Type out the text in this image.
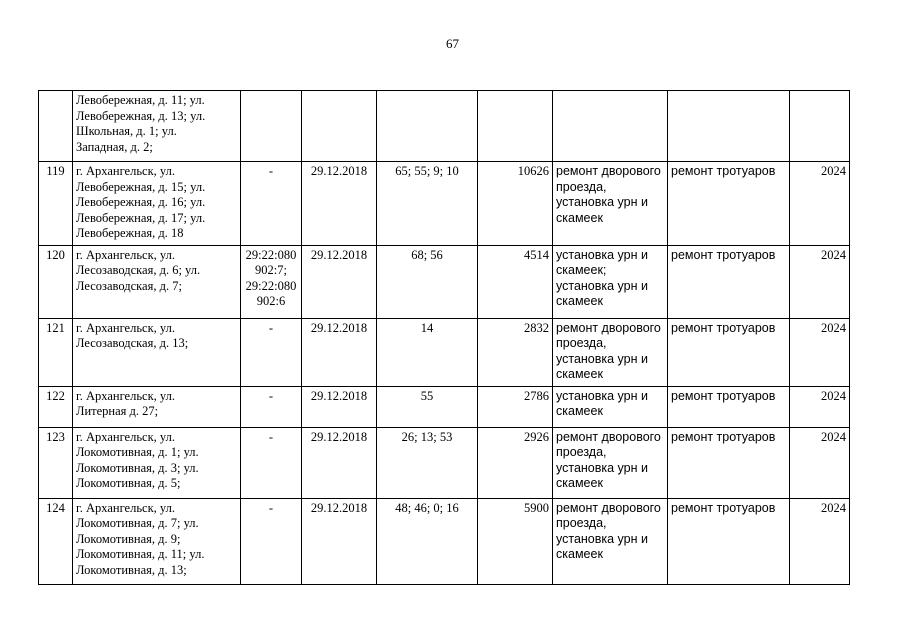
67

	Левобережная, д. 11; ул.
Левобережная, д. 13; ул.
Школьная, д. 1; ул.
Западная, д. 2;							

119	г. Архангельск, ул.
Левобережная, д. 15; ул.
Левобережная, д. 16; ул.
Левобережная, д. 17; ул.
Левобережная, д. 18	-	29.12.2018	65; 55; 9; 10	10626	ремонт дворового проезда, установка урн и скамеек	ремонт тротуаров	2024
120	г. Архангельск, ул.
Лесозаводская, д. 6; ул.
Лесозаводская, д. 7;	29:22:080 902:7; 29:22:080 902:6	29.12.2018	68; 56	4514	установка урн и скамеек; установка урн и скамеек	ремонт тротуаров	2024
121	г. Архангельск, ул.
Лесозаводская, д. 13;	-	29.12.2018	14	2832	ремонт дворового проезда, установка урн и скамеек	ремонт тротуаров	2024
122	г. Архангельск, ул.
Литерная д. 27;	-	29.12.2018	55	2786	установка урн и скамеек	ремонт тротуаров	2024
123	г. Архангельск, ул.
Локомотивная, д. 1; ул.
Локомотивная, д. 3; ул.
Локомотивная, д. 5;	-	29.12.2018	26; 13; 53	2926	ремонт дворового проезда, установка урн и скамеек	ремонт тротуаров	2024
124	г. Архангельск, ул.
Локомотивная, д. 7; ул.
Локомотивная, д. 9;
Локомотивная, д. 11; ул.
Локомотивная, д. 13;	-	29.12.2018	48; 46; 0; 16	5900	ремонт дворового проезда, установка урн и скамеек	ремонт тротуаров	2024
